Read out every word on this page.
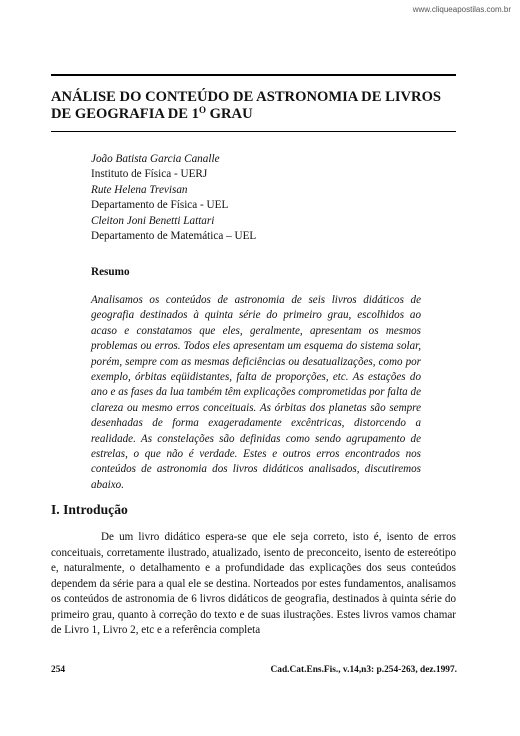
www.cliqueapostilas.com.br
ANÁLISE DO CONTEÚDO DE ASTRONOMIA DE LIVROS DE GEOGRAFIA DE $1^O$ GRAU
João Batista Garcia Canalle
Instituto de Física - UERJ
Rute Helena Trevisan
Departamento de Física - UEL
Cleiton Joni Benetti Lattari
Departamento de Matemática – UEL
Resumo

Analisamos os conteúdos de astronomia de seis livros didáticos de geografia destinados à quinta série do primeiro grau, escolhidos ao acaso e constatamos que eles, geralmente, apresentam os mesmos problemas ou erros. Todos eles apresentam um esquema do sistema solar, porém, sempre com as mesmas deficiências ou desatualizações, como por exemplo, órbitas eqüidistantes, falta de proporções, etc. As estações do ano e as fases da lua também têm explicações comprometidas por falta de clareza ou mesmo erros conceituais. As órbitas dos planetas são sempre desenhadas de forma exageradamente excêntricas, distorcendo a realidade. As constelações são definidas como sendo agrupamento de estrelas, o que não é verdade. Estes e outros erros encontrados nos conteúdos de astronomia dos livros didáticos analisados, discutiremos abaixo.

I. Introdução

De um livro didático espera-se que ele seja correto, isto é, isento de erros conceituais, corretamente ilustrado, atualizado, isento de preconceito, isento de estereótipo e, naturalmente, o detalhamento e a profundidade das explicações dos seus conteúdos dependem da série para a qual ele se destina. Norteados por estes fundamentos, analisamos os conteúdos de astronomia de 6 livros didáticos de geografia, destinados à quinta série do primeiro grau, quanto à correção do texto e de suas ilustrações. Estes livros vamos chamar de Livro 1, Livro 2, etc e a referência completa

254	Cad.Cat.Ens.Fis., v.14,n3: p.254-263, dez.1997.
